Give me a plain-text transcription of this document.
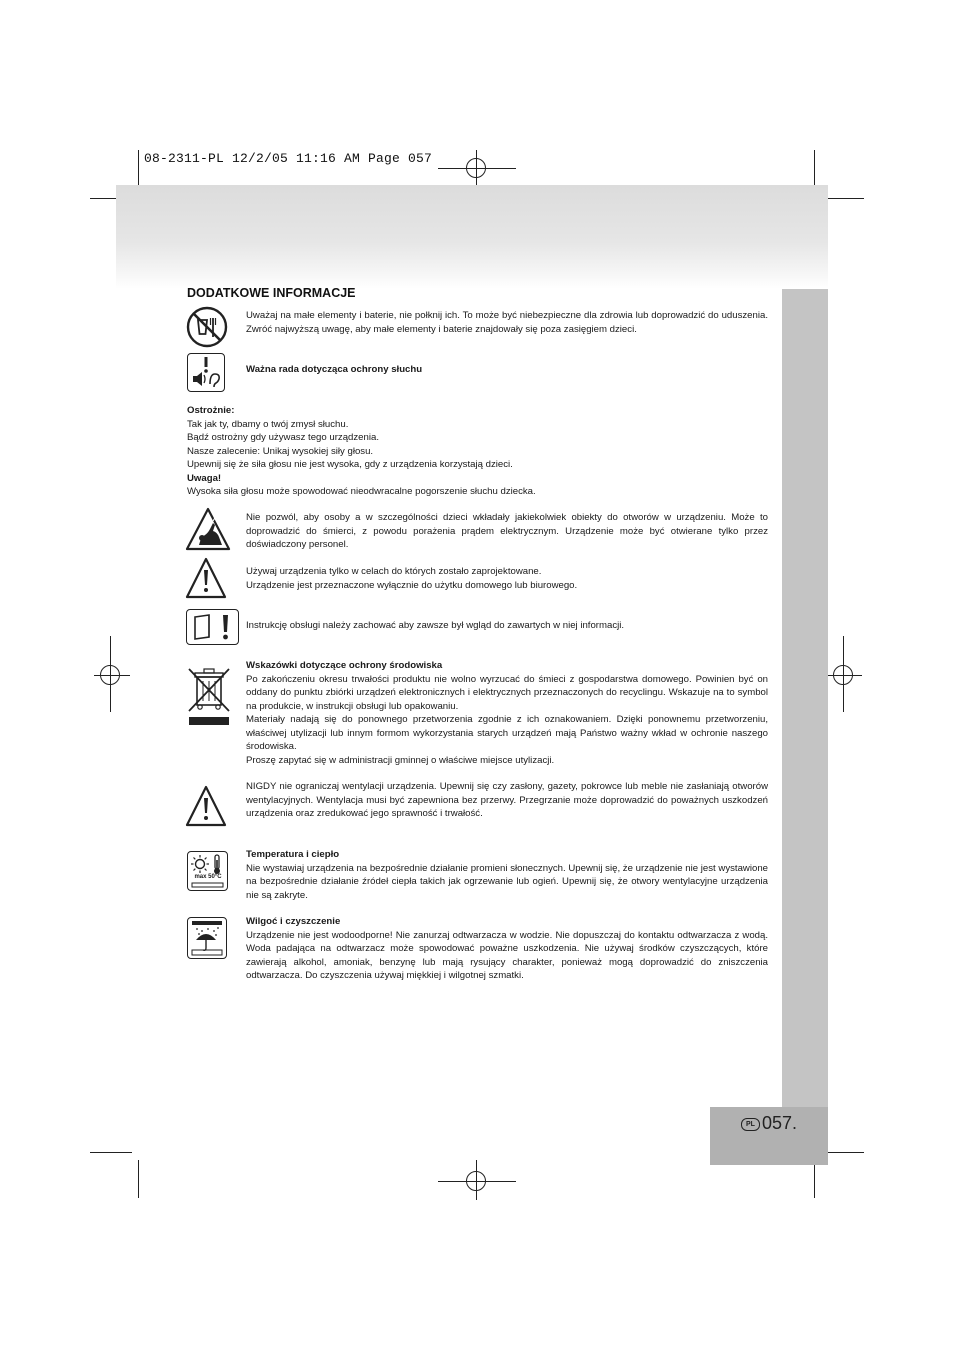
08-2311-PL 12/2/05 11:16 AM Page 057
PL 057.
DODATKOWE INFORMACJE
Uważaj na małe elementy i baterie, nie połknij ich. To może być niebezpieczne dla zdrowia lub doprowadzić do uduszenia. Zwróć najwyższą uwagę, aby małe elementy i baterie znajdowały się poza zasięgiem dzieci.
Ważna rada dotycząca ochrony słuchu

Ostrożnie:

Tak jak ty, dbamy o twój zmysł słuchu.

Bądź ostrożny gdy używasz tego urządzenia.

Nasze zalecenie: Unikaj wysokiej siły głosu.

Upewnij się że siła głosu nie jest wysoka, gdy z urządzenia korzystają dzieci.

Uwaga!

Wysoka siła głosu może spowodować nieodwracalne pogorszenie słuchu dziecka.

Nie pozwól, aby osoby a w szczególności dzieci wkładały jakiekolwiek obiekty do otworów w urządzeniu. Może to doprowadzić do śmierci, z powodu porażenia prądem elektrycznym. Urządzenie może być otwierane tylko przez doświadczony personel.

Używaj urządzenia tylko w celach do których zostało zaprojektowane.

Urządzenie jest przeznaczone wyłącznie do użytku domowego lub biurowego.

Instrukcję obsługi należy zachować aby zawsze był wgląd do zawartych w niej informacji.

Wskazówki dotyczące ochrony środowiska

Po zakończeniu okresu trwałości produktu nie wolno wyrzucać do śmieci z gospodarstwa domowego. Powinien być on oddany do punktu zbiórki urządzeń elektronicznych i elektrycznych przeznaczonych do recyclingu. Wskazuje na to symbol na produkcie, w instrukcji obsługi lub opakowaniu.

Materiały nadają się do ponownego przetworzenia zgodnie z ich oznakowaniem. Dzięki ponownemu przetworzeniu, właściwej utylizacji lub innym formom wykorzystania starych urządzeń mają Państwo ważny wkład w ochronie naszego środowiska.

Proszę zapytać się w administracji gminnej o właściwe miejsce utylizacji.

NIGDY nie ograniczaj wentylacji urządzenia. Upewnij się czy zasłony, gazety, pokrowce lub meble nie zasłaniają otworów wentylacyjnych. Wentylacja musi być zapewniona bez przerwy. Przegrzanie może doprowadzić do poważnych uszkodzeń urządzenia oraz zredukować jego sprawność i trwałość.
max 50°C

Temperatura i ciepło

Nie wystawiaj urządzenia na bezpośrednie działanie promieni słonecznych. Upewnij się, że urządzenie nie jest wystawione na bezpośrednie działanie źródeł ciepła takich jak ogrzewanie lub ogień. Upewnij się, że otwory wentylacyjne urządzenia nie są zakryte.

Wilgoć i czyszczenie

Urządzenie nie jest wodoodporne! Nie zanurzaj odtwarzacza w wodzie. Nie dopuszczaj do kontaktu odtwarzacza z wodą. Woda padająca na odtwarzacz może spowodować poważne uszkodzenia. Nie używaj środków czyszczących, które zawierają alkohol, amoniak, benzynę lub mają rysujący charakter, ponieważ mogą doprowadzić do zniszczenia odtwarzacza. Do czyszczenia używaj miękkiej i wilgotnej szmatki.
